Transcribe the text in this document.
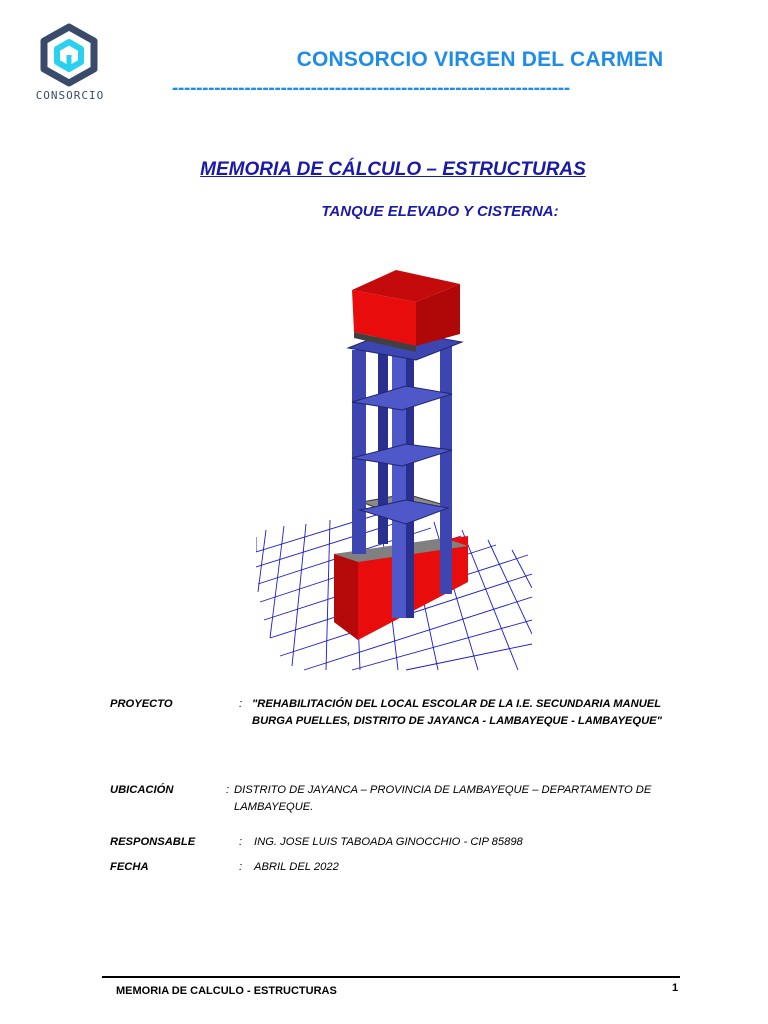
CONSORCIO
CONSORCIO VIRGEN DEL CARMEN
------------------------------------------------------------------
MEMORIA DE CÁLCULO – ESTRUCTURAS
TANQUE ELEVADO Y CISTERNA:
PROYECTO	: "REHABILITACIÓN DEL LOCAL ESCOLAR DE LA I.E. SECUNDARIA MANUEL BURGA PUELLES, DISTRITO DE JAYANCA - LAMBAYEQUE - LAMBAYEQUE"
UBICACIÓN	: DISTRITO DE JAYANCA – PROVINCIA DE LAMBAYEQUE – DEPARTAMENTO DE LAMBAYEQUE.
RESPONSABLE	: ING. JOSE LUIS TABOADA GINOCCHIO - CIP 85898
FECHA	: ABRIL DEL 2022
MEMORIA DE CALCULO - ESTRUCTURAS	1
